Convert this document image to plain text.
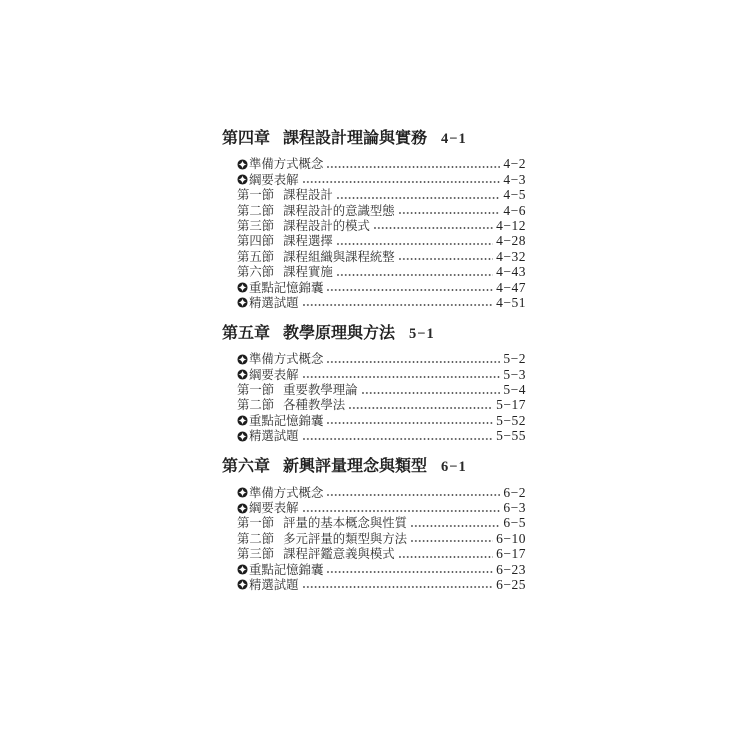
第四章 課程設計理論與實務 4−1
準備方式概念	4−2
綱要表解	4−3
第一節 課程設計	4−5
第二節 課程設計的意識型態	4−6
第三節 課程設計的模式	4−12
第四節 課程選擇	4−28
第五節 課程組織與課程統整	4−32
第六節 課程實施	4−43
重點記憶錦囊	4−47
精選試題	4−51
第五章 教學原理與方法 5−1
準備方式概念	5−2
綱要表解	5−3
第一節 重要教學理論	5−4
第二節 各種教學法	5−17
重點記憶錦囊	5−52
精選試題	5−55
第六章 新興評量理念與類型 6−1
準備方式概念	6−2
綱要表解	6−3
第一節 評量的基本概念與性質	6−5
第二節 多元評量的類型與方法	6−10
第三節 課程評鑑意義與模式	6−17
重點記憶錦囊	6−23
精選試題	6−25
